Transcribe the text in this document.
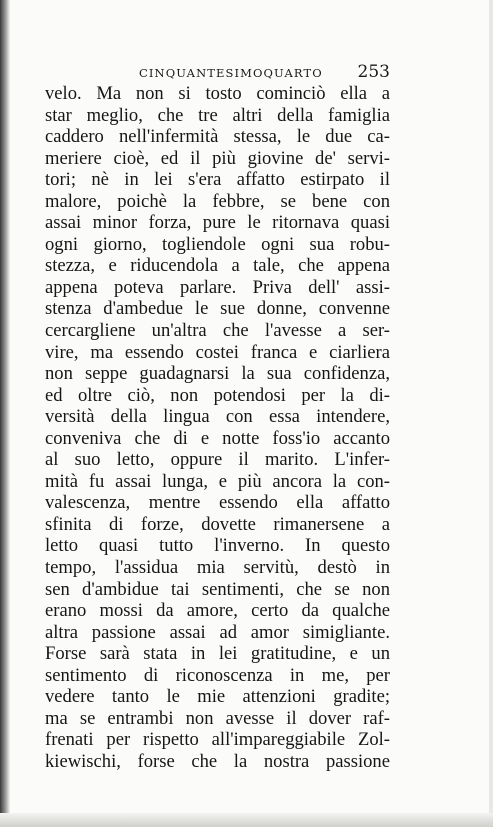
CINQUANTESIMOQUARTO 253
velo. Ma non si tosto cominciò ella a
star meglio, che tre altri della famiglia
caddero nell'infermità stessa, le due ca-
meriere cioè, ed il più giovine de' servi-
tori; nè in lei s'era affatto estirpato il
malore, poichè la febbre, se bene con
assai minor forza, pure le ritornava quasi
ogni giorno, togliendole ogni sua robu-
stezza, e riducendola a tale, che appena
appena poteva parlare. Priva dell' assi-
stenza d'ambedue le sue donne, convenne
cercargliene un'altra che l'avesse a ser-
vire, ma essendo costei franca e ciarliera
non seppe guadagnarsi la sua confidenza,
ed oltre ciò, non potendosi per la di-
versità della lingua con essa intendere,
conveniva che di e notte foss'io accanto
al suo letto, oppure il marito. L'infer-
mità fu assai lunga, e più ancora la con-
valescenza, mentre essendo ella affatto
sfinita di forze, dovette rimanersene a
letto quasi tutto l'inverno. In questo
tempo, l'assidua mia servitù, destò in
sen d'ambidue tai sentimenti, che se non
erano mossi da amore, certo da qualche
altra passione assai ad amor simigliante.
Forse sarà stata in lei gratitudine, e un
sentimento di riconoscenza in me, per
vedere tanto le mie attenzioni gradite;
ma se entrambi non avesse il dover raf-
frenati per rispetto all'impareggiabile Zol-
kiewischi, forse che la nostra passione
